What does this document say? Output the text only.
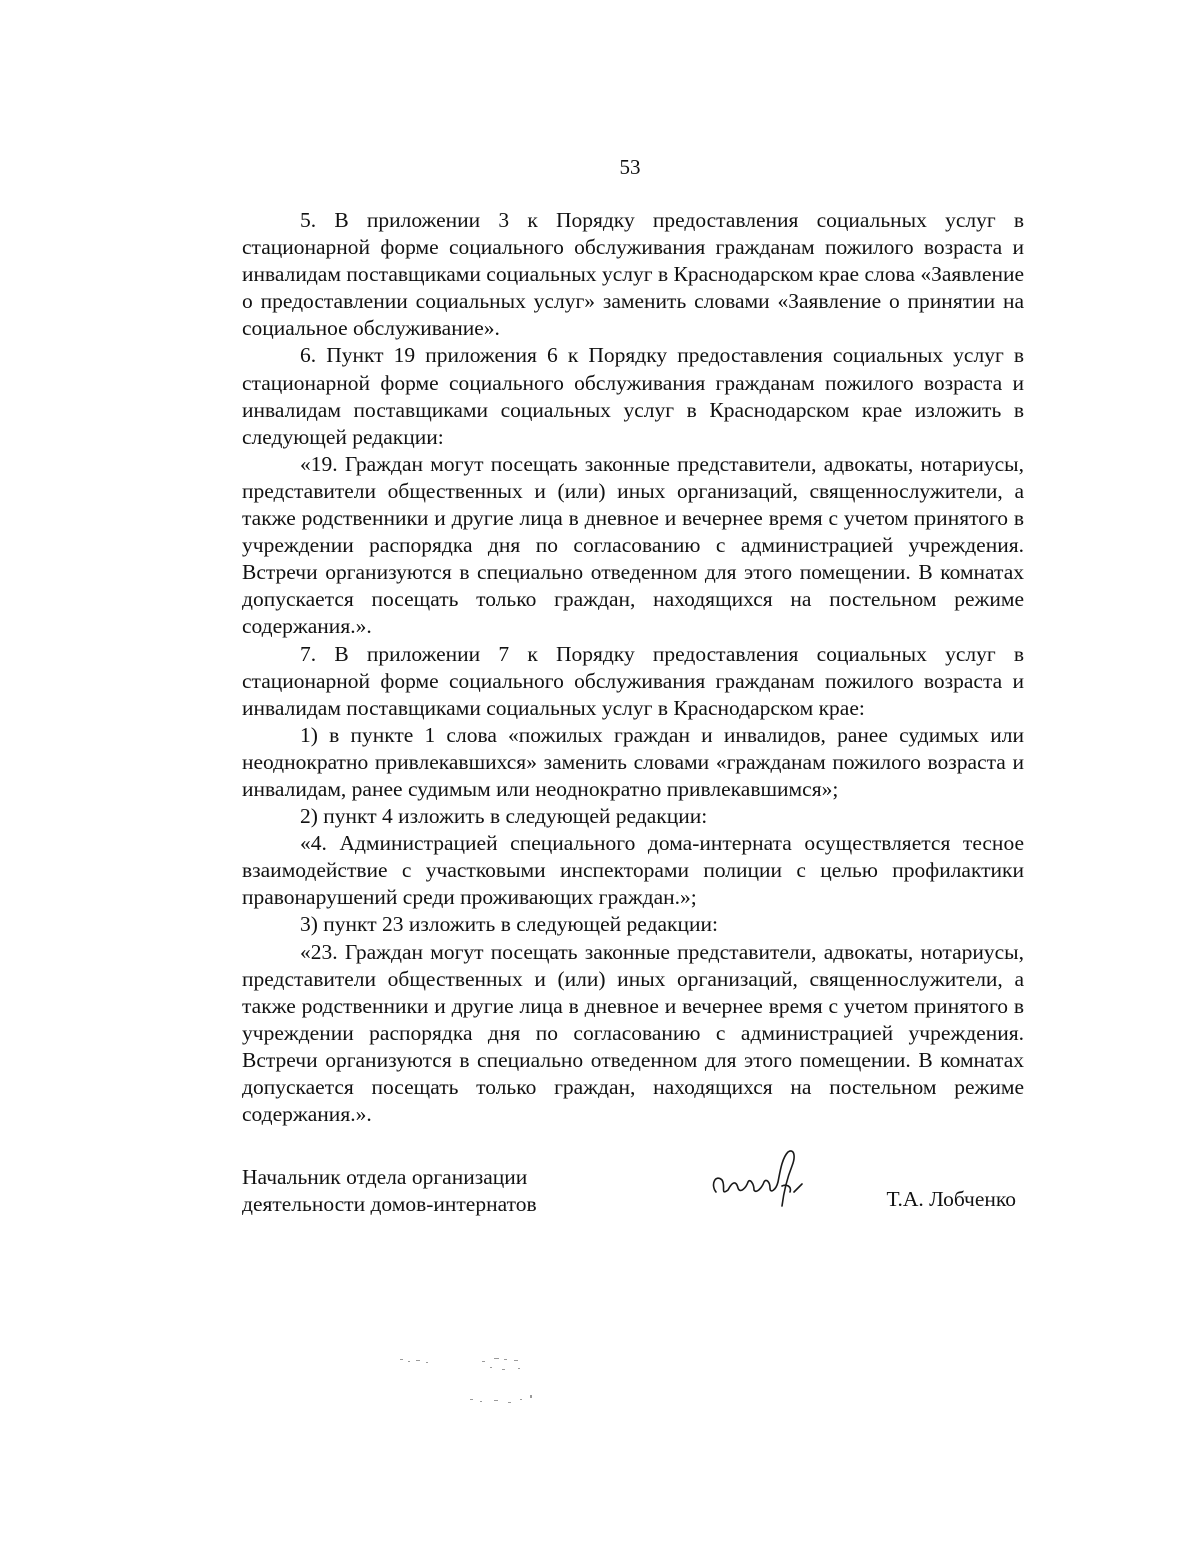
53

5. В приложении 3 к Порядку предоставления социальных услуг в стационарной форме социального обслуживания гражданам пожилого возраста и инвалидам поставщиками социальных услуг в Краснодарском крае слова «Заявление о предоставлении социальных услуг» заменить словами «Заявление о принятии на социальное обслуживание».

6. Пункт 19 приложения 6 к Порядку предоставления социальных услуг в стационарной форме социального обслуживания гражданам пожилого возраста и инвалидам поставщиками социальных услуг в Краснодарском крае изложить в следующей редакции:

«19. Граждан могут посещать законные представители, адвокаты, нотариусы, представители общественных и (или) иных организаций, священнослужители, а также родственники и другие лица в дневное и вечернее время с учетом принятого в учреждении распорядка дня по согласованию с администрацией учреждения. Встречи организуются в специально отведенном для этого помещении. В комнатах допускается посещать только граждан, находящихся на постельном режиме содержания.».

7. В приложении 7 к Порядку предоставления социальных услуг в стационарной форме социального обслуживания гражданам пожилого возраста и инвалидам поставщиками социальных услуг в Краснодарском крае:

1) в пункте 1 слова «пожилых граждан и инвалидов, ранее судимых или неоднократно привлекавшихся» заменить словами «гражданам пожилого возраста и инвалидам, ранее судимым или неоднократно привлекавшимся»;

2) пункт 4 изложить в следующей редакции:

«4. Администрацией специального дома-интерната осуществляется тесное взаимодействие с участковыми инспекторами полиции с целью профилактики правонарушений среди проживающих граждан.»;

3) пункт 23 изложить в следующей редакции:

«23. Граждан могут посещать законные представители, адвокаты, нотариусы, представители общественных и (или) иных организаций, священнослужители, а также родственники и другие лица в дневное и вечернее время с учетом принятого в учреждении распорядка дня по согласованию с администрацией учреждения. Встречи организуются в специально отведенном для этого помещении. В комнатах допускается посещать только граждан, находящихся на постельном режиме содержания.».

Начальник отдела организации
деятельности домов-интернатов	Т.А. Лобченко
